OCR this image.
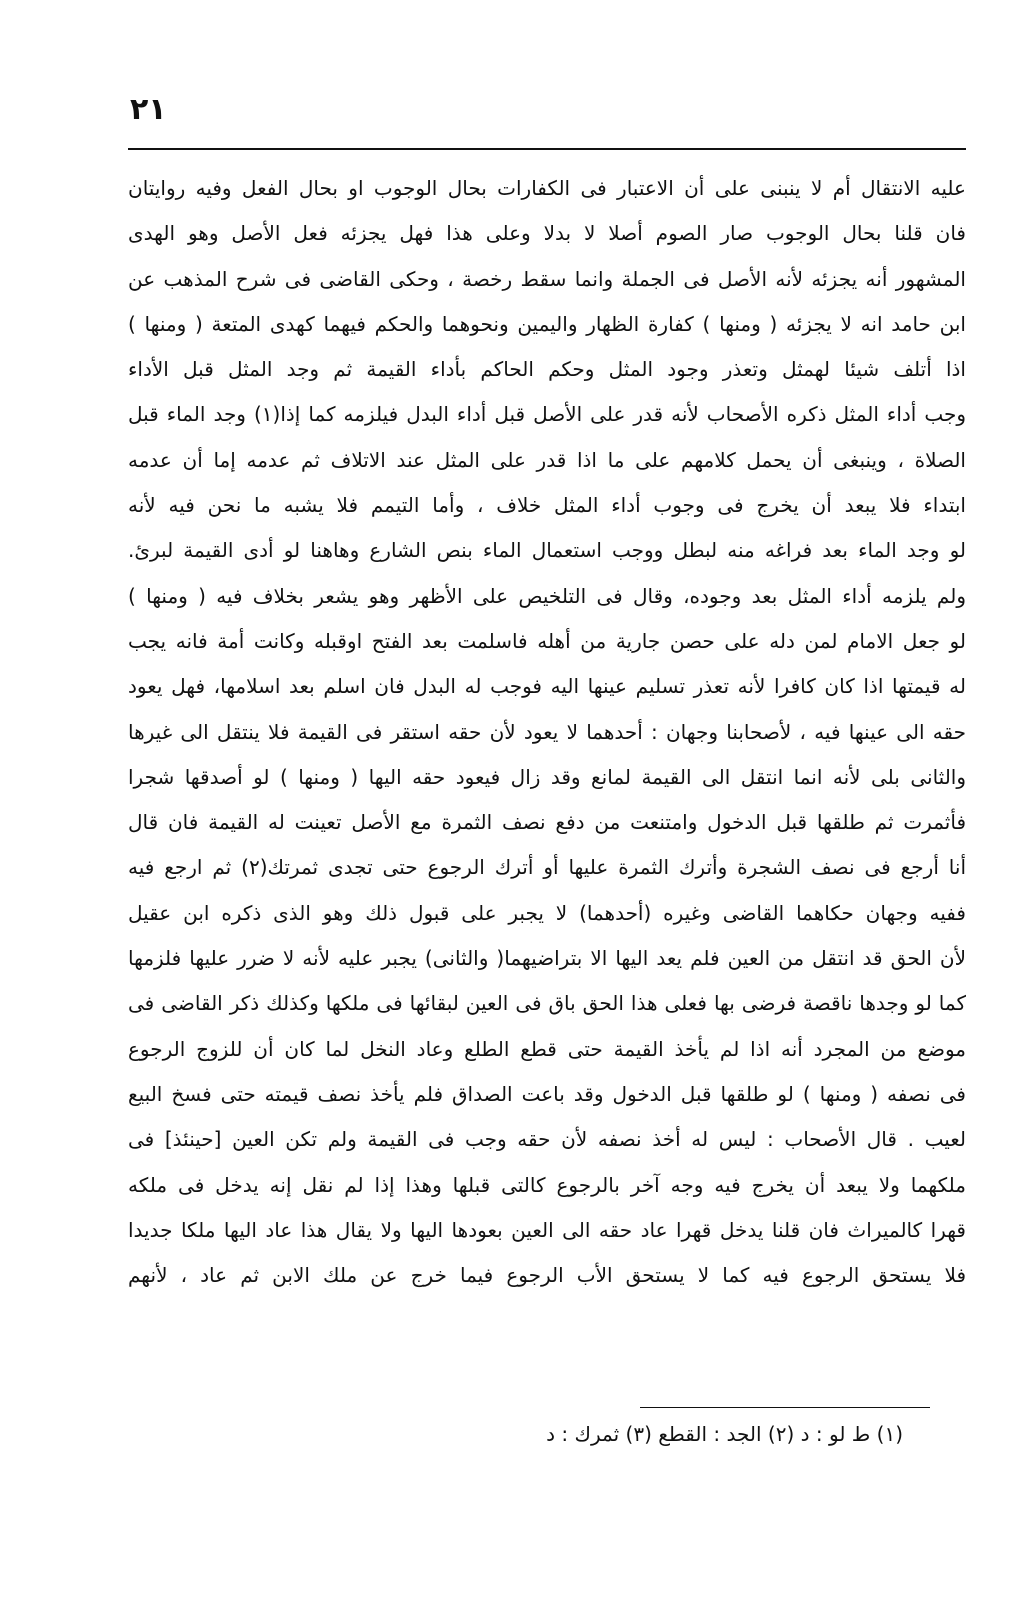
٢١
عليه الانتقال أم لا ينبنى على أن الاعتبار فى الكفارات بحال الوجوب او بحال الفعل وفيه روايتان
فان قلنا بحال الوجوب صار الصوم أصلا لا بدلا وعلى هذا فهل يجزئه فعل الأصل وهو الهدى
المشهور أنه يجزئه لأنه الأصل فى الجملة وانما سقط رخصة ، وحكى القاضى فى شرح المذهب عن
ابن حامد انه لا يجزئه ( ومنها ) كفارة الظهار واليمين ونحوهما والحكم فيهما كهدى المتعة ( ومنها )
اذا أتلف شيئا لهمثل وتعذر وجود المثل وحكم الحاكم بأداء القيمة ثم وجد المثل قبل الأداء
وجب أداء المثل ذكره الأصحاب لأنه قدر على الأصل قبل أداء البدل فيلزمه كما إذا(١) وجد الماء قبل
الصلاة ، وينبغى أن يحمل كلامهم على ما اذا قدر على المثل عند الاتلاف ثم عدمه إما أن عدمه
ابتداء فلا يبعد أن يخرج فى وجوب أداء المثل خلاف ، وأما التيمم فلا يشبه ما نحن فيه لأنه
لو وجد الماء بعد فراغه منه لبطل ووجب استعمال الماء بنص الشارع وهاهنا لو أدى القيمة لبرئ.
ولم يلزمه أداء المثل بعد وجوده، وقال فى التلخيص على الأظهر وهو يشعر بخلاف فيه ( ومنها )
لو جعل الامام لمن دله على حصن جارية من أهله فاسلمت بعد الفتح اوقبله وكانت أمة فانه يجب
له قيمتها اذا كان كافرا لأنه تعذر تسليم عينها اليه فوجب له البدل فان اسلم بعد اسلامها، فهل يعود
حقه الى عينها فيه ، لأصحابنا وجهان : أحدهما لا يعود لأن حقه استقر فى القيمة فلا ينتقل الى غيرها
والثانى بلى لأنه انما انتقل الى القيمة لمانع وقد زال فيعود حقه اليها ( ومنها ) لو أصدقها شجرا
فأثمرت ثم طلقها قبل الدخول وامتنعت من دفع نصف الثمرة مع الأصل تعينت له القيمة فان قال
أنا أرجع فى نصف الشجرة وأترك الثمرة عليها أو أترك الرجوع حتى تجدى ثمرتك(٢) ثم ارجع فيه
ففيه وجهان حكاهما القاضى وغيره (أحدهما) لا يجبر على قبول ذلك وهو الذى ذكره ابن عقيل
لأن الحق قد انتقل من العين فلم يعد اليها الا بتراضيهما( والثانى) يجبر عليه لأنه لا ضرر عليها فلزمها
كما لو وجدها ناقصة فرضى بها فعلى هذا الحق باق فى العين لبقائها فى ملكها وكذلك ذكر القاضى فى
موضع من المجرد أنه اذا لم يأخذ القيمة حتى قطع الطلع وعاد النخل لما كان أن للزوج الرجوع
فى نصفه ( ومنها ) لو طلقها قبل الدخول وقد باعت الصداق فلم يأخذ نصف قيمته حتى فسخ البيع
لعيب . قال الأصحاب : ليس له أخذ نصفه لأن حقه وجب فى القيمة ولم تكن العين [حينئذ] فى
ملكهما ولا يبعد أن يخرج فيه وجه آخر بالرجوع كالتى قبلها وهذا إذا لم نقل إنه يدخل فى ملكه
قهرا كالميراث فان قلنا يدخل قهرا عاد حقه الى العين بعودها اليها ولا يقال هذا عاد اليها ملكا جديدا
فلا يستحق الرجوع فيه كما لا يستحق الأب الرجوع فيما خرج عن ملك الابن ثم عاد ، لأنهم
(١) ط لو : د (٢) الجد : القطع (٣) ثمرك : د
